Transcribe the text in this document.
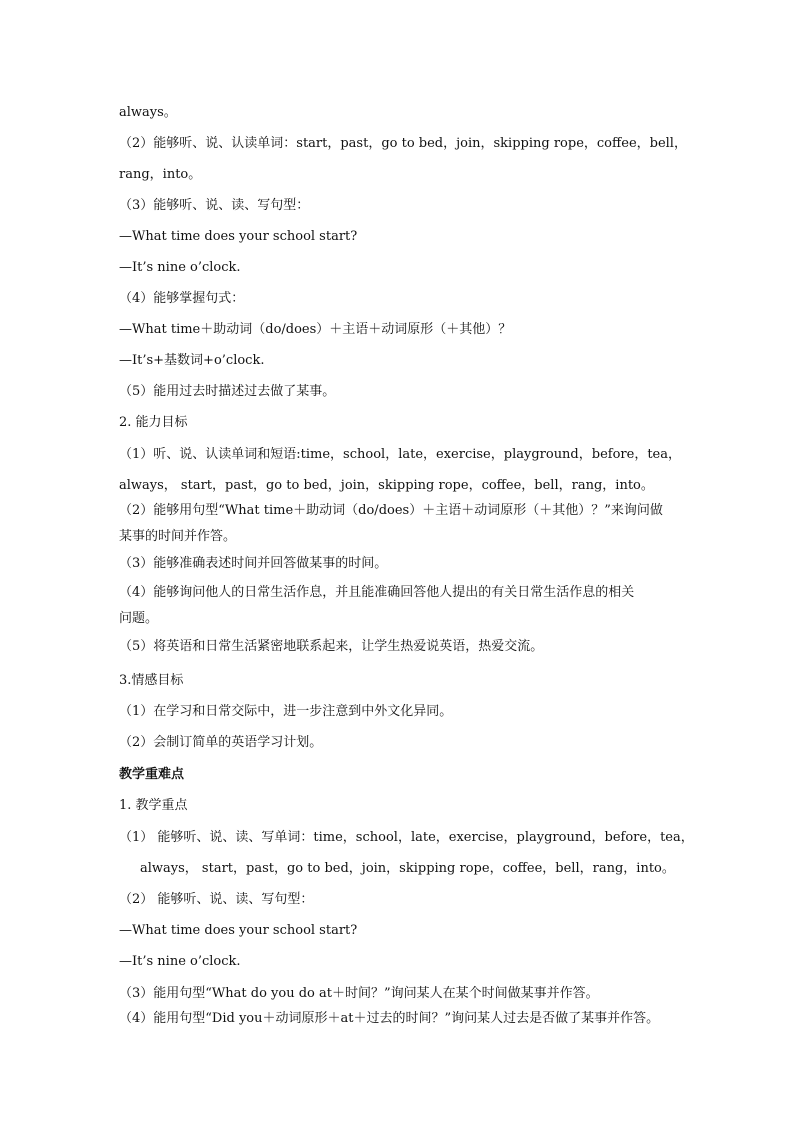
always。
（2）能够听、说、认读单词：start，past，go to bed，join，skipping rope，coffee，bell，
rang，into。
（3）能够听、说、读、写句型：
—What time does your school start?
—It’s nine o’clock.
（4）能够掌握句式：
—What time＋助动词（do/does）＋主语＋动词原形（＋其他）？
—It’s+基数词+o’clock.
（5）能用过去时描述过去做了某事。
2. 能力目标
（1）听、说、认读单词和短语:time，school，late，exercise，playground，before，tea，
always， start，past，go to bed，join，skipping rope，coffee，bell，rang，into。
（2）能够用句型“What time＋助动词（do/does）＋主语＋动词原形（＋其他）？”来询问做
某事的时间并作答。
（3）能够准确表述时间并回答做某事的时间。
（4）能够询问他人的日常生活作息，并且能准确回答他人提出的有关日常生活作息的相关
问题。
（5）将英语和日常生活紧密地联系起来，让学生热爱说英语，热爱交流。
3.情感目标
（1）在学习和日常交际中，进一步注意到中外文化异同。
（2）会制订简单的英语学习计划。
教学重难点
1. 教学重点
（1） 能够听、说、读、写单词：time，school，late，exercise，playground，before，tea，
always， start，past，go to bed，join，skipping rope，coffee，bell，rang，into。
（2） 能够听、说、读、写句型：
—What time does your school start?
—It’s nine o’clock.
（3）能用句型“What do you do at＋时间？”询问某人在某个时间做某事并作答。
（4）能用句型“Did you＋动词原形＋at＋过去的时间？”询问某人过去是否做了某事并作答。
